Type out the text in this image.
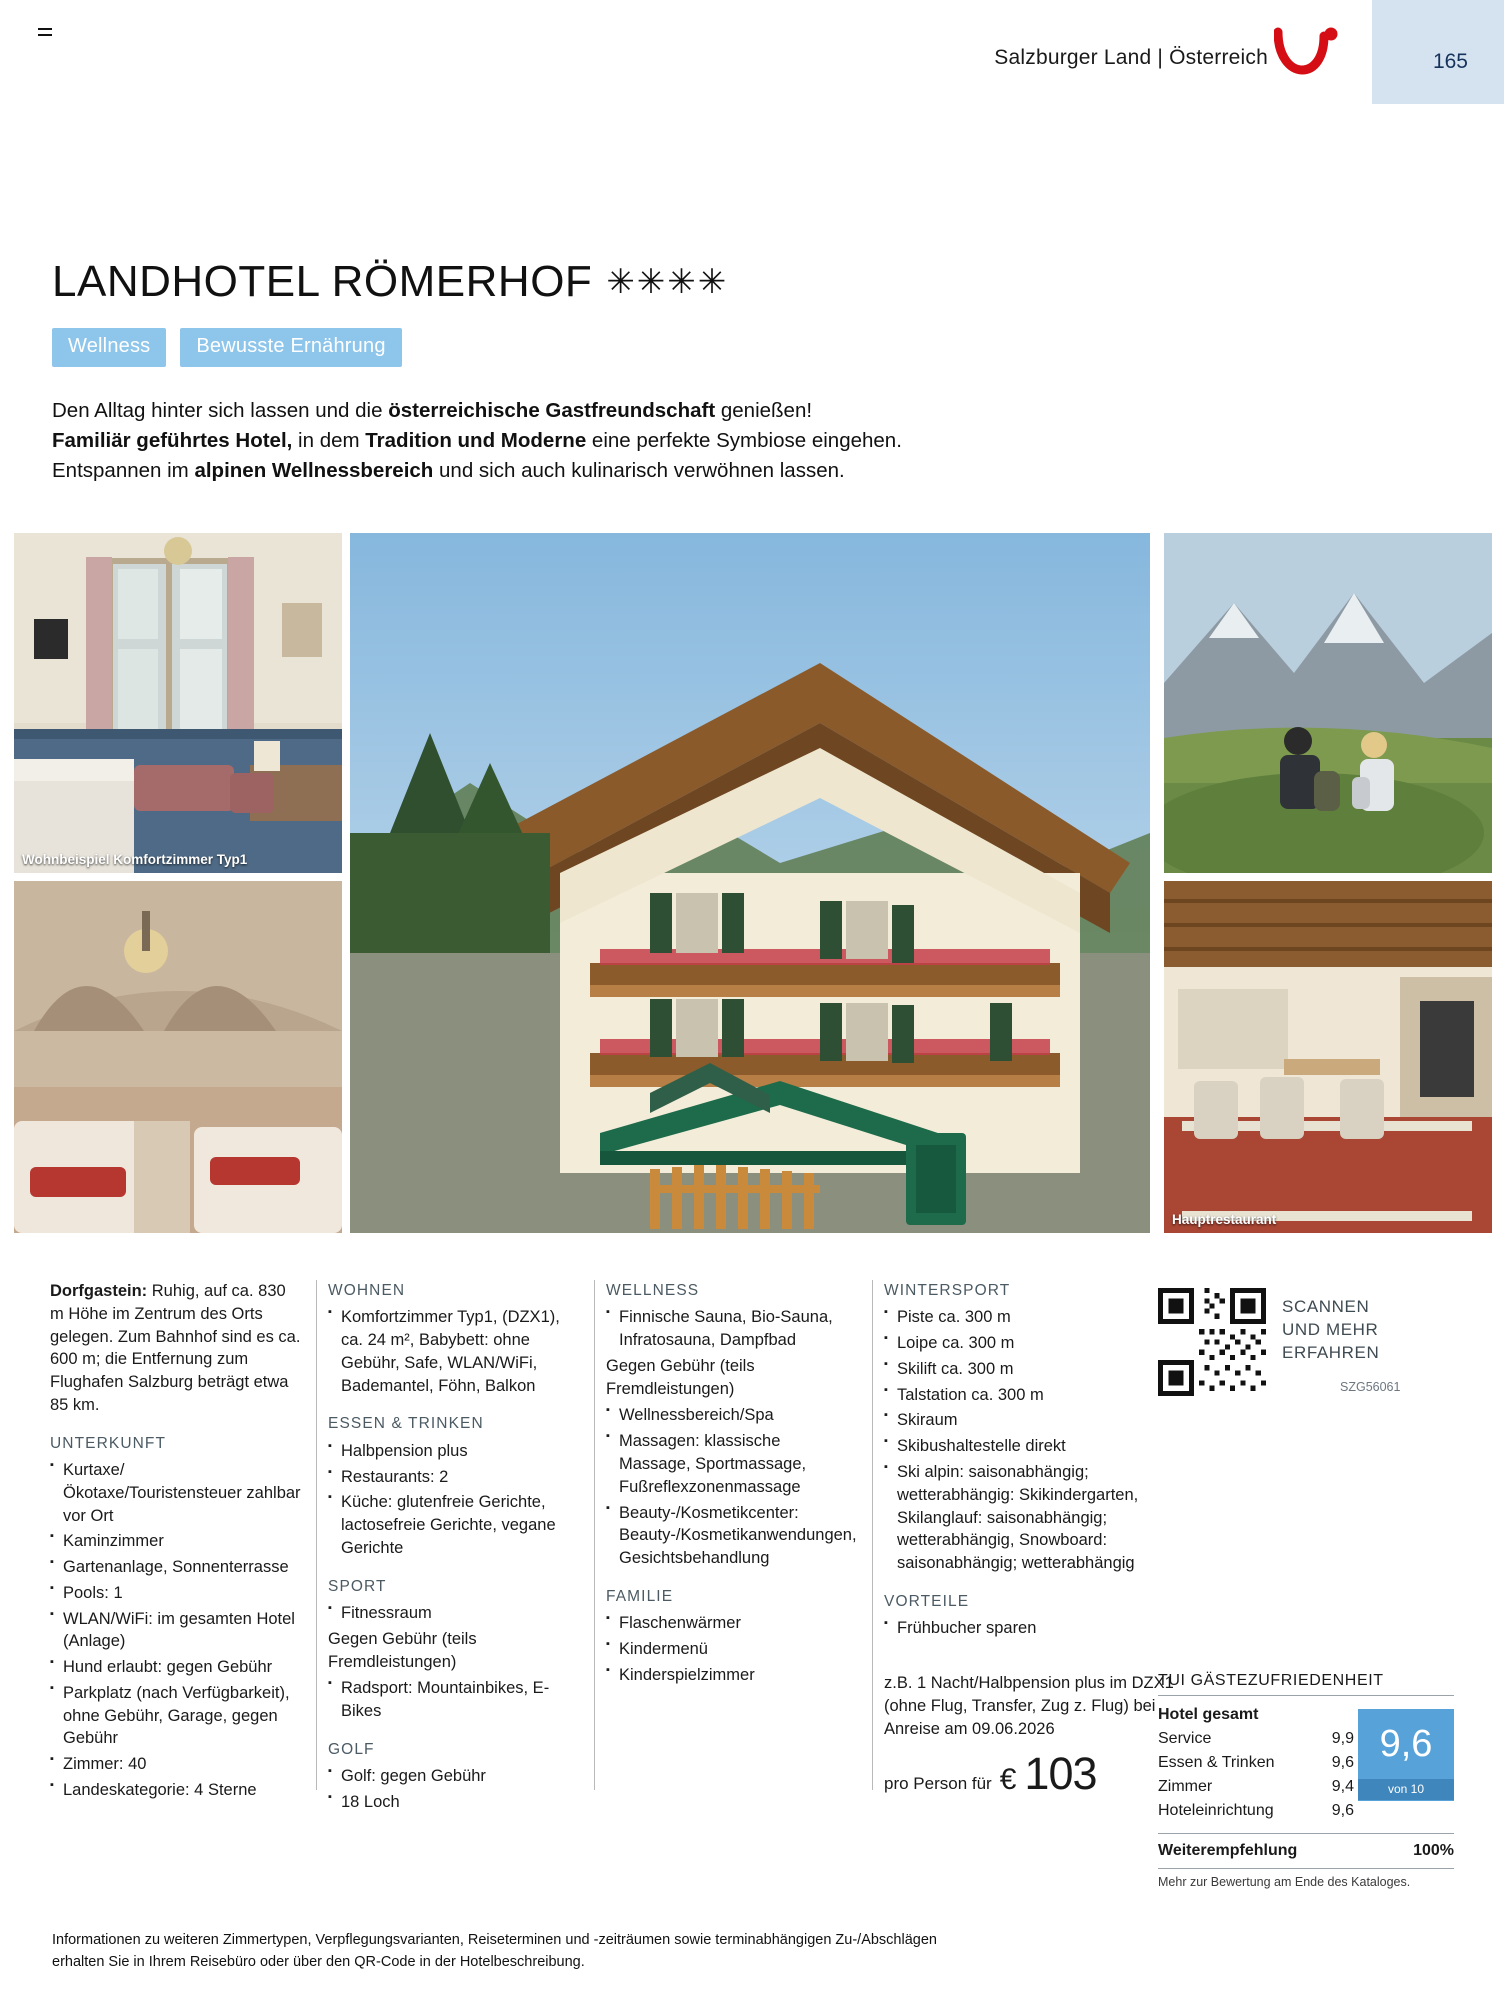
Salzburger Land | Österreich	165
LANDHOTEL RÖMERHOF ✳✳✳✳
Wellness	Bewusste Ernährung
Den Alltag hinter sich lassen und die österreichische Gastfreundschaft genießen!
Familiär geführtes Hotel, in dem Tradition und Moderne eine perfekte Symbiose eingehen.
Entspannen im alpinen Wellnessbereich und sich auch kulinarisch verwöhnen lassen.
Wohnbeispiel Komfortzimmer Typ1
Hauptrestaurant

Dorfgastein: Ruhig, auf ca. 830 m Höhe im Zentrum des Orts gelegen. Zum Bahnhof sind es ca. 600 m; die Entfernung zum Flughafen Salzburg beträgt etwa 85 km.

UNTERKUNFT
▪ Kurtaxe/Ökotaxe/Touristensteuer zahlbar vor Ort
▪ Kaminzimmer
▪ Gartenanlage, Sonnenterrasse
▪ Pools: 1
▪ WLAN/WiFi: im gesamten Hotel (Anlage)
▪ Hund erlaubt: gegen Gebühr
▪ Parkplatz (nach Verfügbarkeit), ohne Gebühr, Garage, gegen Gebühr
▪ Zimmer: 40
▪ Landeskategorie: 4 Sterne
WOHNEN
▪ Komfortzimmer Typ1, (DZX1), ca. 24 m², Babybett: ohne Gebühr, Safe, WLAN/WiFi, Bademantel, Föhn, Balkon
ESSEN & TRINKEN
▪ Halbpension plus
▪ Restaurants: 2
▪ Küche: glutenfreie Gerichte, lactosefreie Gerichte, vegane Gerichte
SPORT
▪ Fitnessraum

Gegen Gebühr (teils Fremdleistungen)

▪ Radsport: Mountainbikes, E-Bikes
GOLF
▪ Golf: gegen Gebühr
▪ 18 Loch
WELLNESS
▪ Finnische Sauna, Bio-Sauna, Infratosauna, Dampfbad

Gegen Gebühr (teils Fremdleistungen)

▪ Wellnessbereich/Spa
▪ Massagen: klassische Massage, Sportmassage, Fußreflexzonenmassage
▪ Beauty-/Kosmetikcenter: Beauty-/Kosmetikanwendungen, Gesichtsbehandlung
FAMILIE
▪ Flaschenwärmer
▪ Kindermenü
▪ Kinderspielzimmer
WINTERSPORT
▪ Piste ca. 300 m
▪ Loipe ca. 300 m
▪ Skilift ca. 300 m
▪ Talstation ca. 300 m
▪ Skiraum
▪ Skibushaltestelle direkt
▪ Ski alpin: saisonabhängig; wetterabhängig: Skikindergarten, Skilanglauf: saisonabhängig; wetterabhängig, Snowboard: saisonabhängig; wetterabhängig
VORTEILE
▪ Frühbucher sparen
SCANNEN
UND MEHR
ERFAHREN
SZG56061
z.B. 1 Nacht/Halbpension plus im DZX1 (ohne Flug, Transfer, Zug z. Flug) bei Anreise am 09.06.2026
pro Person für € 103
TUI GÄSTEZUFRIEDENHEIT
Hotel gesamt
Service	9,9
Essen & Trinken	9,6
Zimmer	9,4
Hoteleinrichtung	9,6
9,6
von 10
Weiterempfehlung	100%
Mehr zur Bewertung am Ende des Kataloges.
Informationen zu weiteren Zimmertypen, Verpflegungsvarianten, Reiseterminen und -zeiträumen sowie terminabhängigen Zu-/Abschlägen
erhalten Sie in Ihrem Reisebüro oder über den QR-Code in der Hotelbeschreibung.
